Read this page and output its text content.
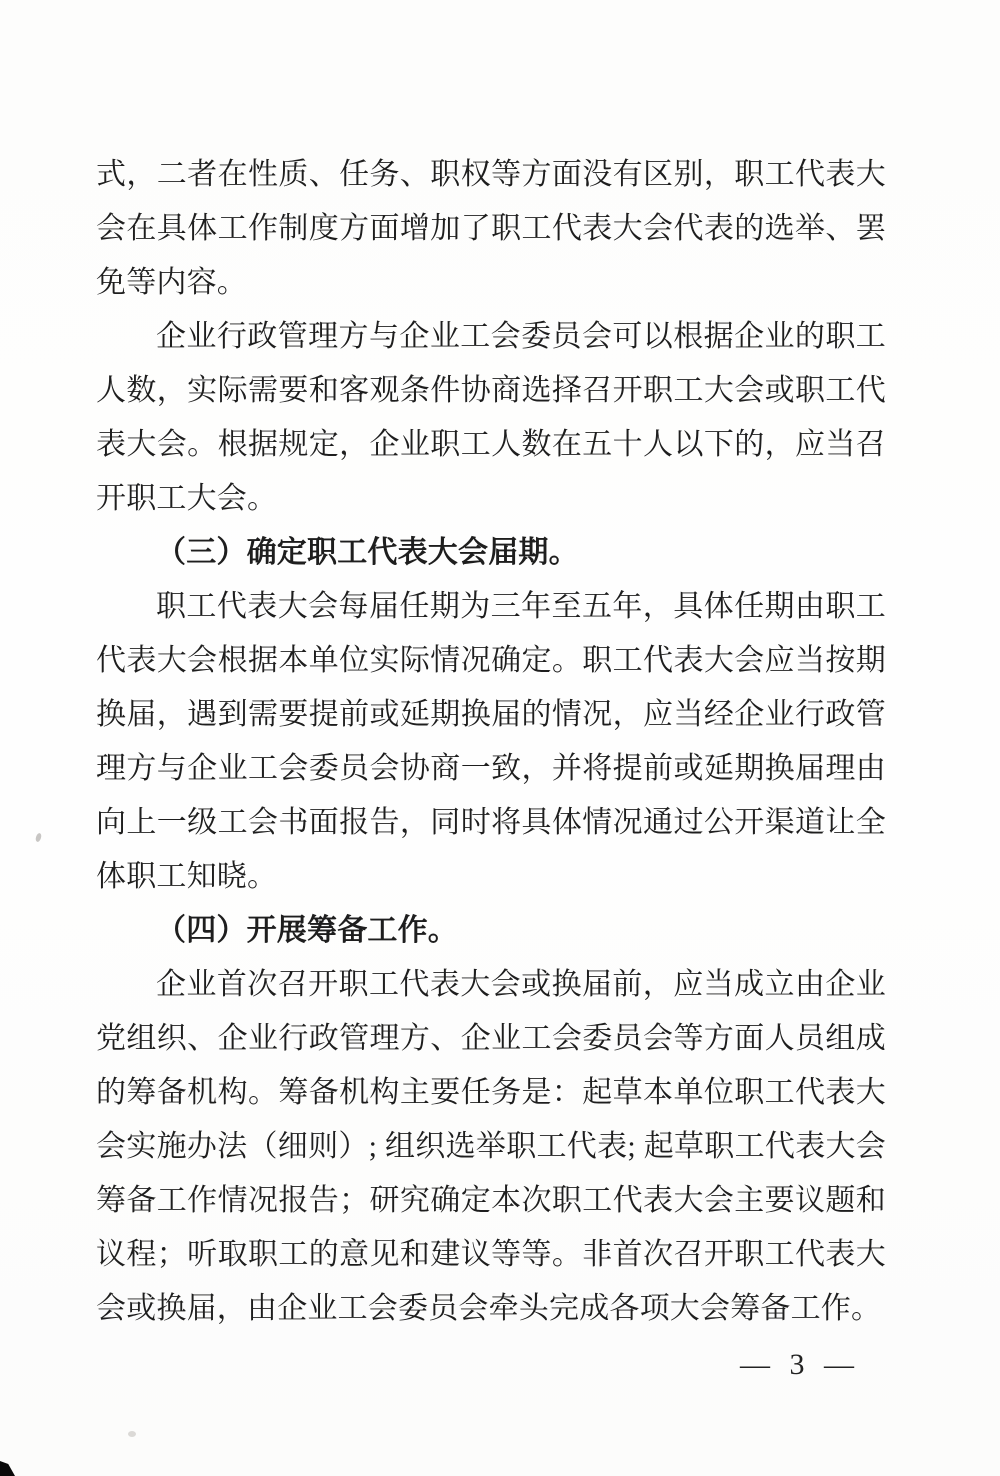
式，二者在性质、任务、职权等方面没有区别，职工代表大会在具体工作制度方面增加了职工代表大会代表的选举、罢免等内容。

企业行政管理方与企业工会委员会可以根据企业的职工人数，实际需要和客观条件协商选择召开职工大会或职工代表大会。根据规定，企业职工人数在五十人以下的，应当召开职工大会。

（三）确定职工代表大会届期。

职工代表大会每届任期为三年至五年，具体任期由职工代表大会根据本单位实际情况确定。职工代表大会应当按期换届，遇到需要提前或延期换届的情况，应当经企业行政管理方与企业工会委员会协商一致，并将提前或延期换届理由向上一级工会书面报告，同时将具体情况通过公开渠道让全体职工知晓。

（四）开展筹备工作。

企业首次召开职工代表大会或换届前，应当成立由企业党组织、企业行政管理方、企业工会委员会等方面人员组成的筹备机构。筹备机构主要任务是：起草本单位职工代表大会实施办法（细则）; 组织选举职工代表; 起草职工代表大会筹备工作情况报告；研究确定本次职工代表大会主要议题和议程；听取职工的意见和建议等等。非首次召开职工代表大会或换届，由企业工会委员会牵头完成各项大会筹备工作。

— 3 —
